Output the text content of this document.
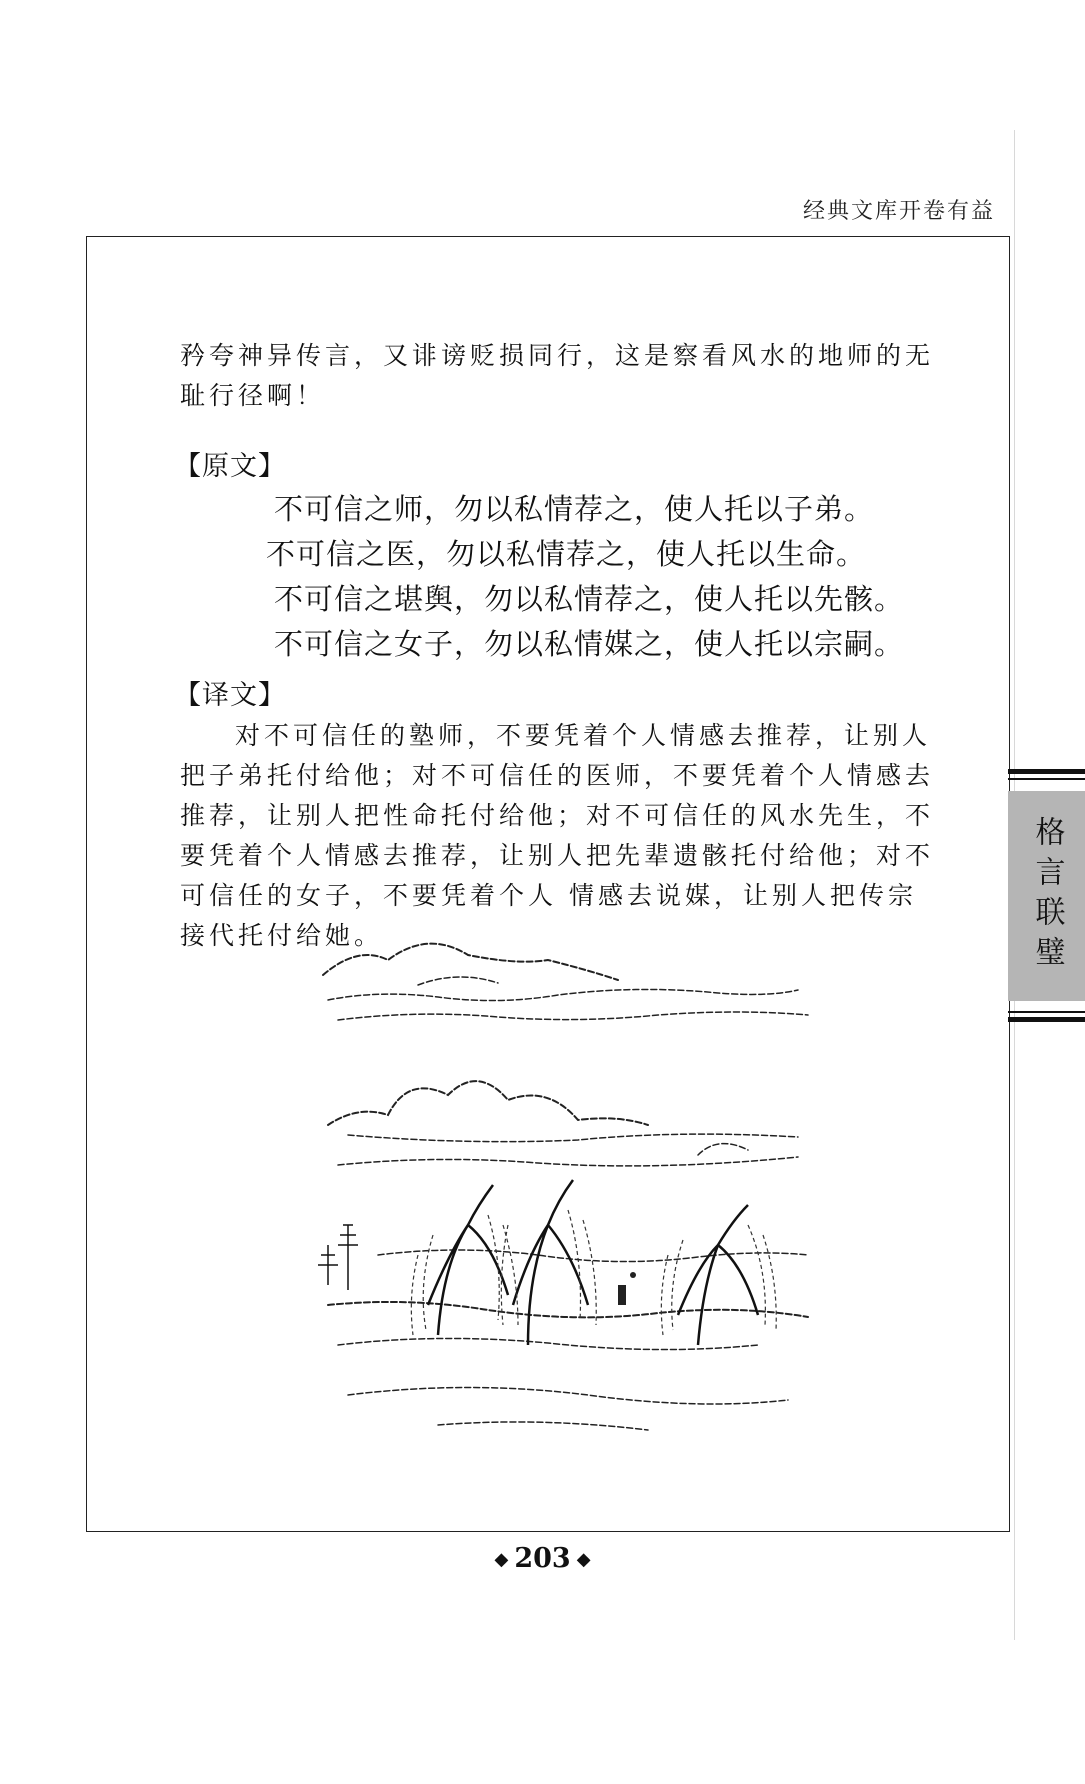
经典文库开卷有益

矜夸神异传言，又诽谤贬损同行，这是察看风水的地师的无耻行径啊！

【原文】
不可信之师，勿以私情荐之，使人托以子弟。
不可信之医，勿以私情荐之，使人托以生命。
不可信之堪舆，勿以私情荐之，使人托以先骸。
不可信之女子，勿以私情媒之，使人托以宗嗣。
【译文】

对不可信任的塾师，不要凭着个人情感去推荐，让别人把子弟托付给他；对不可信任的医师，不要凭着个人情感去推荐，让别人把性命托付给他；对不可信任的风水先生，不要凭着个人情感去推荐，让别人把先辈遗骸托付给他；对不可信任的女子，不要凭着个人 情感去说媒，让别人把传宗接代托付给她。

◆ 203 ◆
格言联璧
